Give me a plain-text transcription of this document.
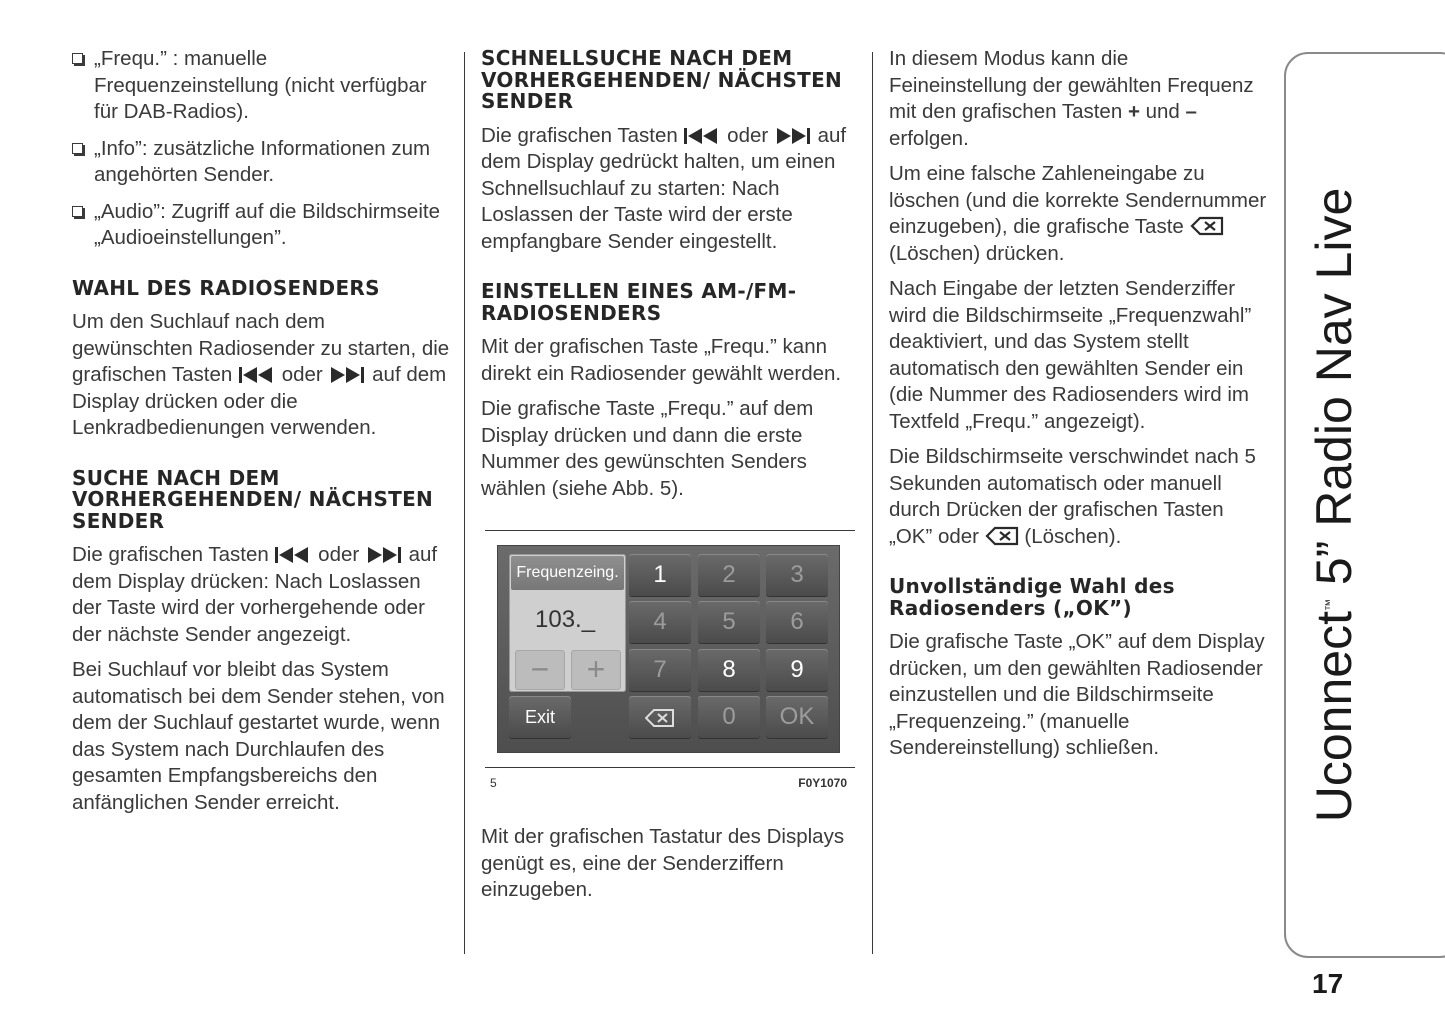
„Frequ.” : manuelle Frequenzeinstellung (nicht verfügbar für DAB-Radios).

„Info”: zusätzliche Informationen zum angehörten Sender.

„Audio”: Zugriff auf die Bildschirmseite „Audioeinstellungen”.

WAHL DES RADIOSENDERS

Um den Suchlauf nach dem gewünschten Radiosender zu starten, die grafischen Tasten oder auf dem Display drücken oder die Lenkradbedienungen verwenden.

SUCHE NACH DEM VORHERGEHENDEN/ NÄCHSTEN SENDER

Die grafischen Tasten oder auf dem Display drücken: Nach Loslassen der Taste wird der vorhergehende oder der nächste Sender angezeigt.

Bei Suchlauf vor bleibt das System automatisch bei dem Sender stehen, von dem der Suchlauf gestartet wurde, wenn das System nach Durchlaufen des gesamten Empfangsbereichs den anfänglichen Sender erreicht.

SCHNELLSUCHE NACH DEM VORHERGEHENDEN/ NÄCHSTEN SENDER

Die grafischen Tasten oder auf dem Display gedrückt halten, um einen Schnellsuchlauf zu starten: Nach Loslassen der Taste wird der erste empfangbare Sender eingestellt.

EINSTELLEN EINES AM-/FM-RADIOSENDERS

Mit der grafischen Taste „Frequ.” kann direkt ein Radiosender gewählt werden.

Die grafische Taste „Frequ.” auf dem Display drücken und dann die erste Nummer des gewünschten Senders wählen (siehe Abb. 5).

Frequenzeing.
103._
−	+
1	2	3
4	5	6
7	8	9
Exit	0	OK
5	F0Y1070

Mit der grafischen Tastatur des Displays genügt es, eine der Senderziffern einzugeben.

In diesem Modus kann die Feineinstellung der gewählten Frequenz mit den grafischen Tasten + und – erfolgen.

Um eine falsche Zahleneingabe zu löschen (und die korrekte Sendernummer einzugeben), die grafische Taste  (Löschen) drücken.

Nach Eingabe der letzten Senderziffer wird die Bildschirmseite „Frequenzwahl” deaktiviert, und das System stellt automatisch den gewählten Sender ein (die Nummer des Radiosenders wird im Textfeld „Frequ.” angezeigt).

Die Bildschirmseite verschwindet nach 5 Sekunden automatisch oder manuell durch Drücken der grafischen Tasten „OK” oder (Löschen).

Unvollständige Wahl des Radiosenders („OK”)

Die grafische Taste „OK” auf dem Display drücken, um den gewählten Radiosender einzustellen und die Bildschirmseite „Frequenzeing.” (manuelle Sendereinstellung) schließen.	Uconnect™ 5” Radio Nav Live
17
